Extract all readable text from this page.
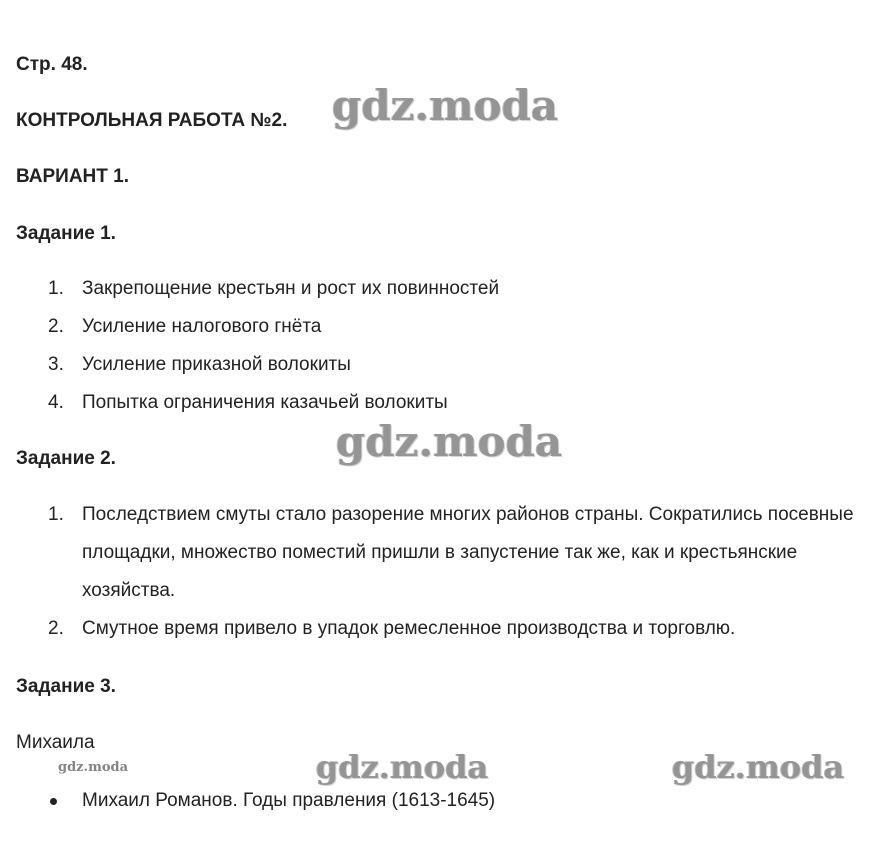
Стр. 48.
КОНТРОЛЬНАЯ РАБОТА №2.
ВАРИАНТ 1.
Задание 1.
1. Закрепощение крестьян и рост их повинностей
2. Усиление налогового гнёта
3. Усиление приказной волокиты
4. Попытка ограничения казачьей волокиты
Задание 2.
1. Последствием смуты стало разорение многих районов страны. Сократились посевные площадки, множество поместий пришли в запустение так же, как и крестьянские хозяйства.
2. Смутное время привело в упадок ремесленное производства и торговлю.
Задание 3.
Михаила
Михаил Романов. Годы правления (1613-1645)
gdz.moda
gdz.moda
gdz.moda	gdz.moda
gdz.moda
